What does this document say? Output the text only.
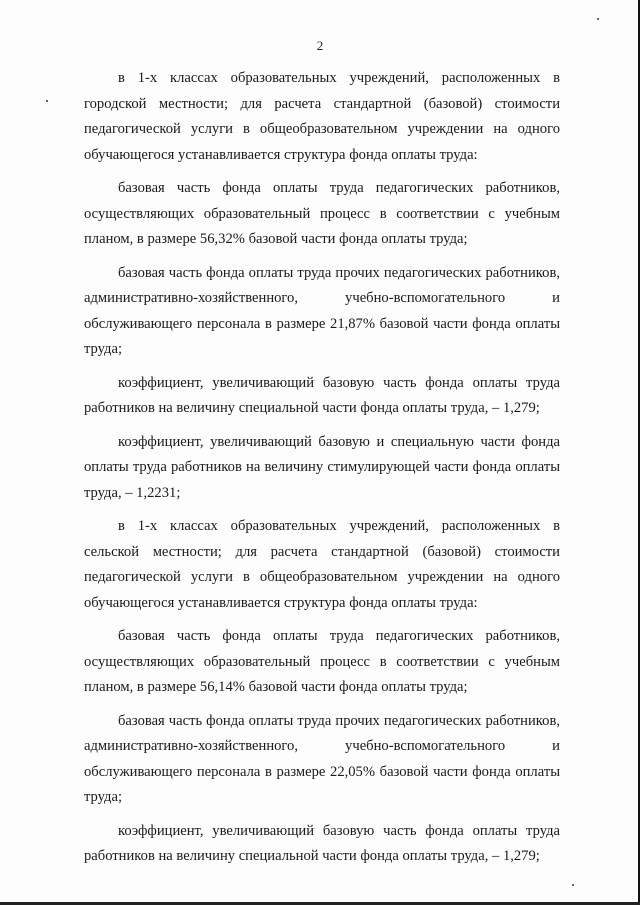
2

в 1-х классах образовательных учреждений, расположенных в городской местности; для расчета стандартной (базовой) стоимости педагогической услуги в общеобразовательном учреждении на одного обучающегося устанавливается структура фонда оплаты труда:

базовая часть фонда оплаты труда педагогических работников, осуществляющих образовательный процесс в соответствии с учебным планом, в размере 56,32% базовой части фонда оплаты труда;

базовая часть фонда оплаты труда прочих педагогических работников, административно-хозяйственного, учебно-вспомогательного и обслуживающего персонала в размере 21,87% базовой части фонда оплаты труда;

коэффициент, увеличивающий базовую часть фонда оплаты труда работников на величину специальной части фонда оплаты труда, – 1,279;

коэффициент, увеличивающий базовую и специальную части фонда оплаты труда работников на величину стимулирующей части фонда оплаты труда, – 1,2231;

в 1-х классах образовательных учреждений, расположенных в сельской местности; для расчета стандартной (базовой) стоимости педагогической услуги в общеобразовательном учреждении на одного обучающегося устанавливается структура фонда оплаты труда:

базовая часть фонда оплаты труда педагогических работников, осуществляющих образовательный процесс в соответствии с учебным планом, в размере 56,14% базовой части фонда оплаты труда;

базовая часть фонда оплаты труда прочих педагогических работников, административно-хозяйственного, учебно-вспомогательного и обслуживающего персонала в размере 22,05% базовой части фонда оплаты труда;

коэффициент, увеличивающий базовую часть фонда оплаты труда работников на величину специальной части фонда оплаты труда, – 1,279;
